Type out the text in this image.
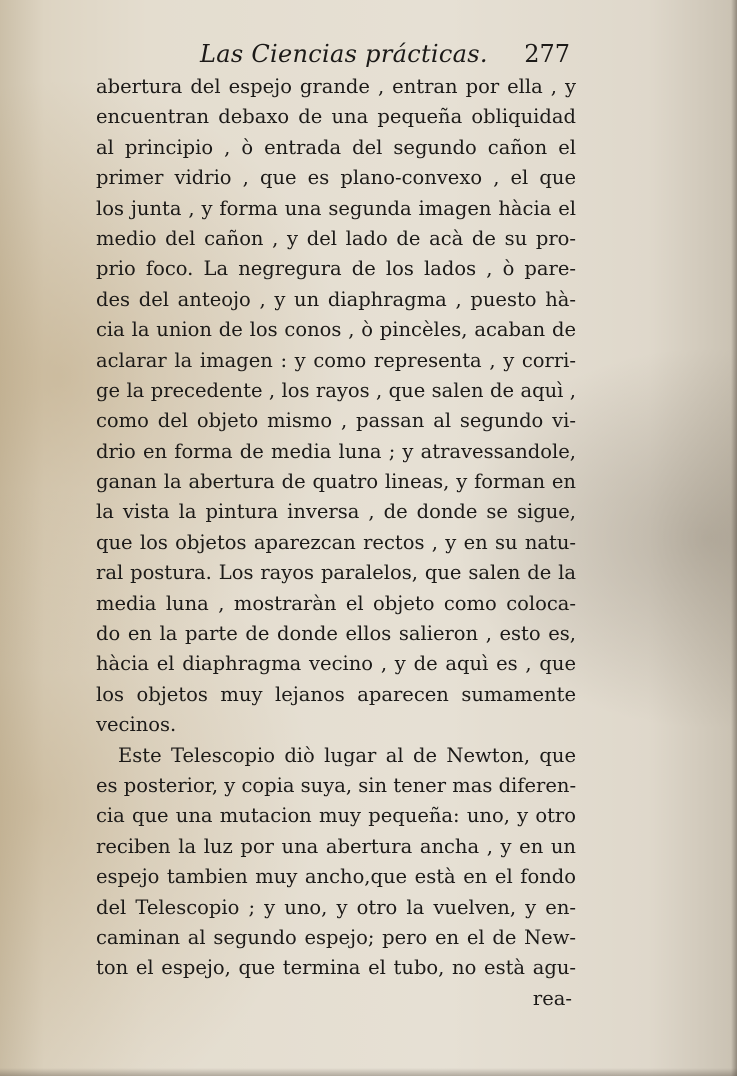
Las Ciencias prácticas. 277
abertura del espejo grande , entran por ella , y
encuentran debaxo de una pequeña obliquidad
al principio , ò entrada del segundo cañon el
primer vidrio , que es plano-convexo , el que
los junta , y forma una segunda imagen hàcia el
medio del cañon , y del lado de acà de su pro-
prio foco. La negregura de los lados , ò pare-
des del anteojo , y un diaphragma , puesto hà-
cia la union de los conos , ò pincèles, acaban de
aclarar la imagen : y como representa , y corri-
ge la precedente , los rayos , que salen de aquì ,
como del objeto mismo , passan al segundo vi-
drio en forma de media luna ; y atravessandole,
ganan la abertura de quatro lineas, y forman en
la vista la pintura inversa , de donde se sigue,
que los objetos aparezcan rectos , y en su natu-
ral postura. Los rayos paralelos, que salen de la
media luna , mostraràn el objeto como coloca-
do en la parte de donde ellos salieron , esto es,
hàcia el diaphragma vecino , y de aquì es , que
los objetos muy lejanos aparecen sumamente
vecinos.
Este Telescopio diò lugar al de Newton, que
es posterior, y copia suya, sin tener mas diferen-
cia que una mutacion muy pequeña: uno, y otro
reciben la luz por una abertura ancha , y en un
espejo tambien muy ancho,que està en el fondo
del Telescopio ; y uno, y otro la vuelven, y en-
caminan al segundo espejo; pero en el de New-
ton el espejo, que termina el tubo, no està agu-
rea-
